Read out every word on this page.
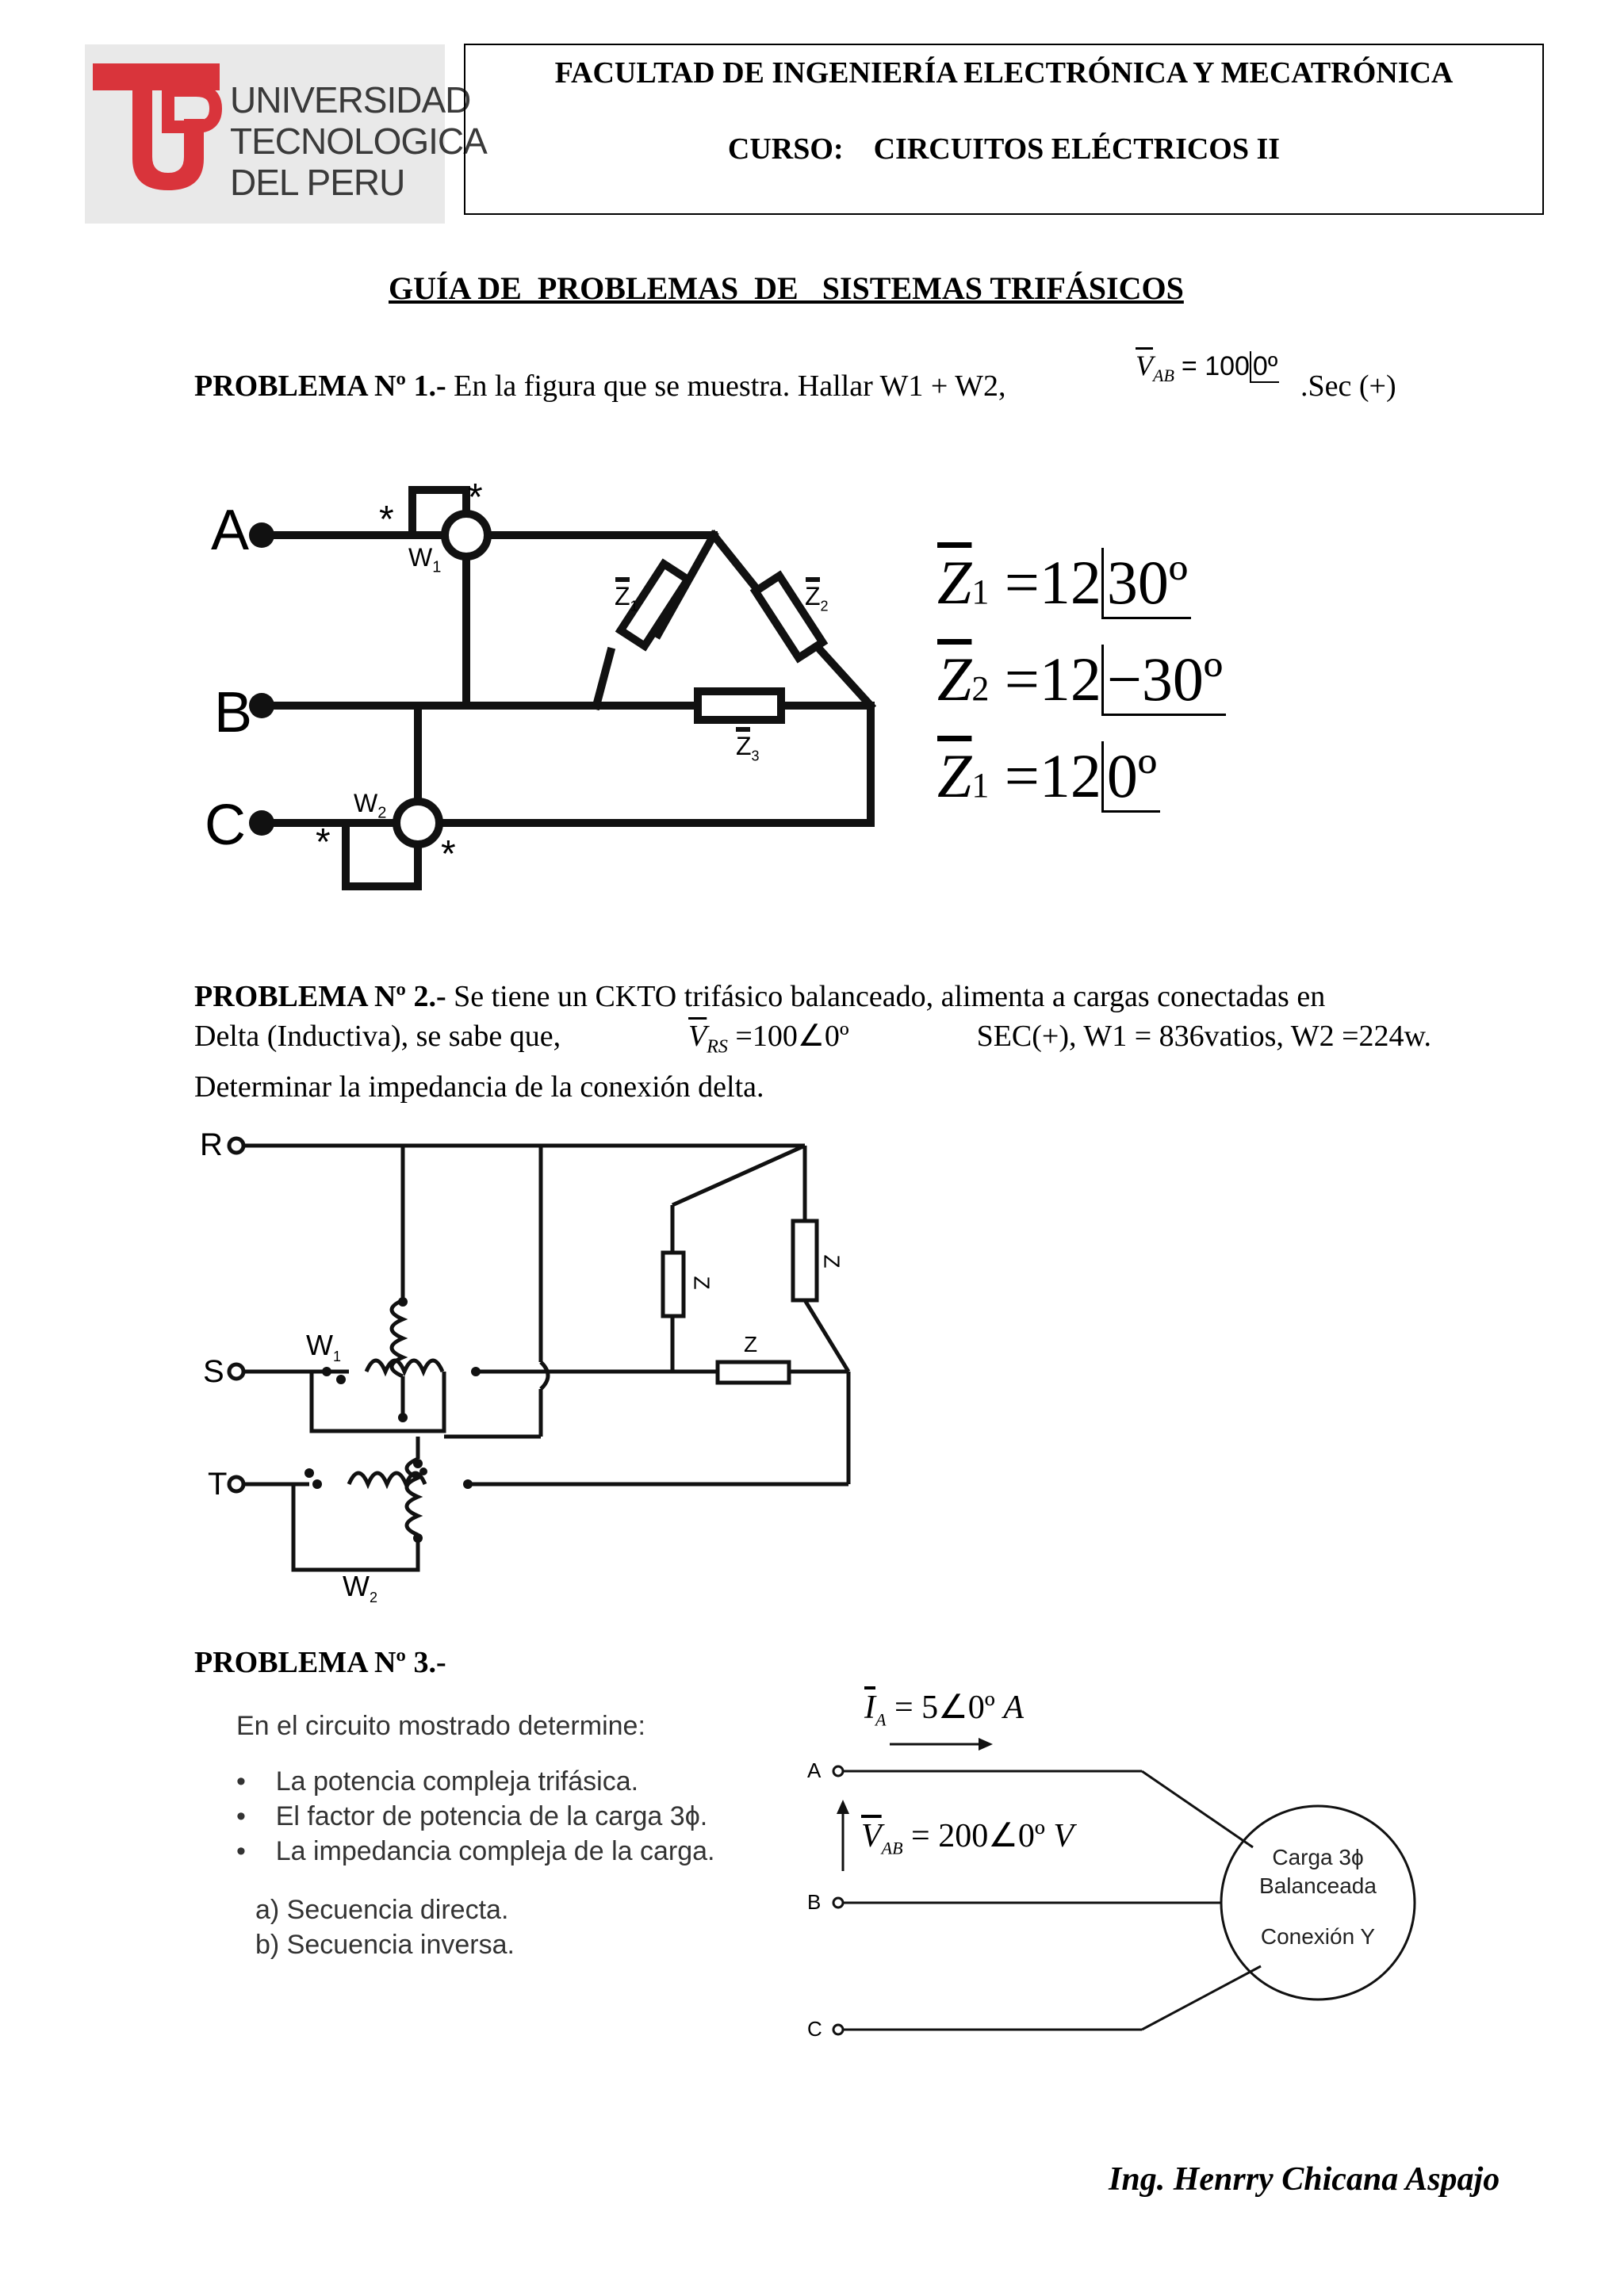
UNIVERSIDAD
TECNOLOGICA
DEL PERU
FACULTAD DE INGENIERÍA ELECTRÓNICA Y MECATRÓNICA
CURSO: CIRCUITOS ELÉCTRICOS II
GUÍA DE  PROBLEMAS  DE   SISTEMAS TRIFÁSICOS
PROBLEMA Nº 1.- En la figura que se muestra. Hallar W1 + W2,
$\overline{V}_{AB} = 100$ 0º
.Sec (+)
A
B
C
*
*
*	*
$W_1$
$W_2$
$Z_1$	$Z_2$
$Z_3$
$\overline{Z}1$ =1230º
$\overline{Z}2$ =12−30º
$\overline{Z}1$ =120º
PROBLEMA Nº 2.- Se tiene un CKTO trifásico balanceado, alimenta a cargas conectadas en
Delta (Inductiva), se sabe que,	$\overline{V}_{RS}$ =100∠0º	SEC(+), W1 = 836vatios, W2 =224w.
Determinar la impedancia de la conexión delta.
R
S
T
$W_1$
$W_2$
Z
Z
Z
PROBLEMA Nº 3.-
En el circuito mostrado determine:
•    La potencia compleja trifásica.
•    El factor de potencia de la carga 3ϕ.
•    La impedancia compleja de la carga.
a) Secuencia directa.
b) Secuencia inversa.
$\overline{I}_A$ = 5∠0º A
$\overline{V}_{AB}$ = 200∠0º V
A
B
C
Carga 3ϕ
Balanceada
Conexión Y
Ing. Henrry Chicana Aspajo
